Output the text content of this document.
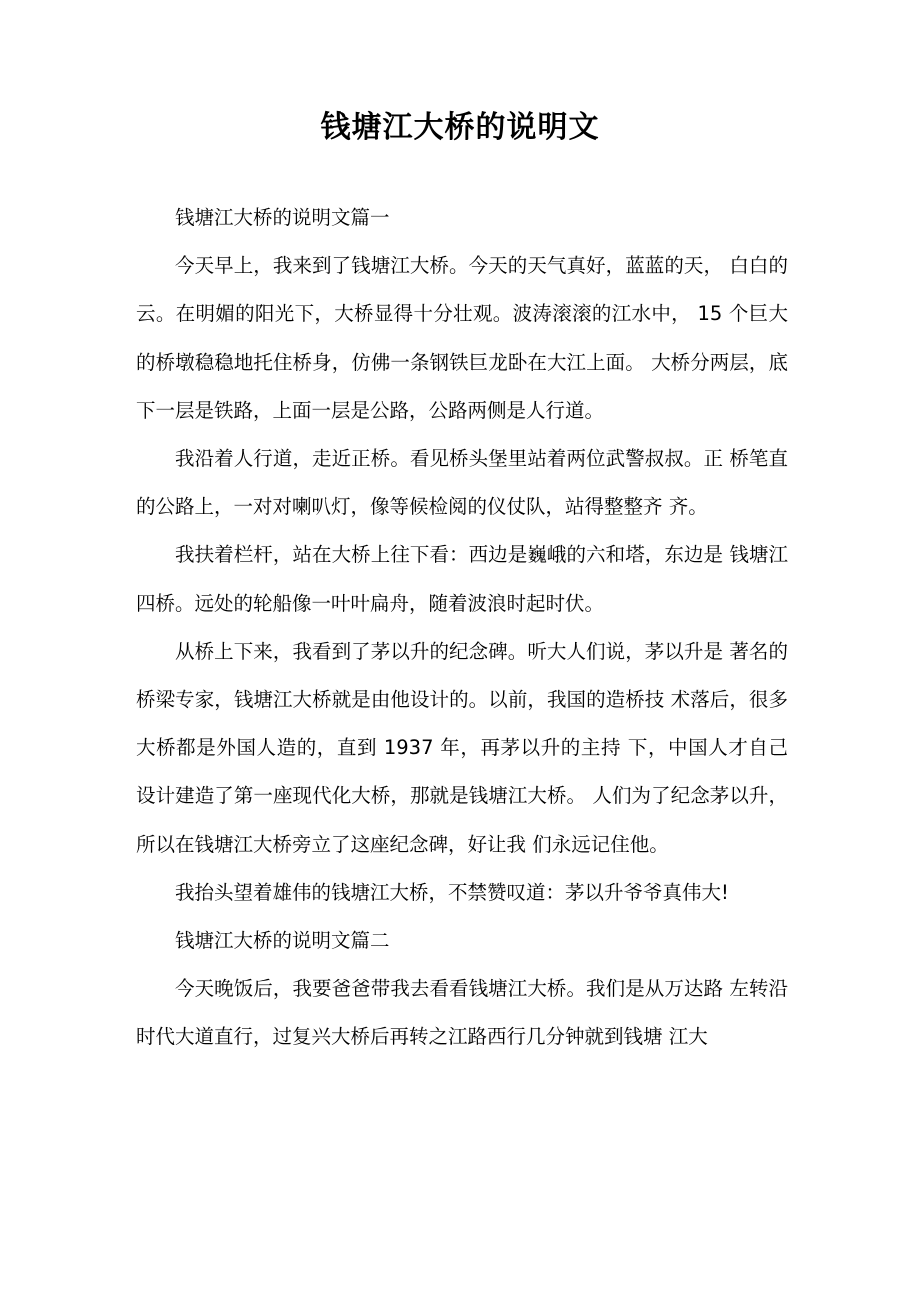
钱塘江大桥的说明文

钱塘江大桥的说明文篇一

今天早上，我来到了钱塘江大桥。今天的天气真好，蓝蓝的天， 白白的云。在明媚的阳光下，大桥显得十分壮观。波涛滚滚的江水中， 15 个巨大的桥墩稳稳地托住桥身，仿佛一条钢铁巨龙卧在大江上面。 大桥分两层，底下一层是铁路，上面一层是公路，公路两侧是人行道。

我沿着人行道，走近正桥。看见桥头堡里站着两位武警叔叔。正 桥笔直的公路上，一对对喇叭灯，像等候检阅的仪仗队，站得整整齐 齐。

我扶着栏杆，站在大桥上往下看：西边是巍峨的六和塔，东边是 钱塘江四桥。远处的轮船像一叶叶扁舟，随着波浪时起时伏。

从桥上下来，我看到了茅以升的纪念碑。听大人们说，茅以升是 著名的桥梁专家，钱塘江大桥就是由他设计的。以前，我国的造桥技 术落后，很多大桥都是外国人造的，直到 1937 年，再茅以升的主持 下，中国人才自己设计建造了第一座现代化大桥，那就是钱塘江大桥。 人们为了纪念茅以升，所以在钱塘江大桥旁立了这座纪念碑，好让我 们永远记住他。

我抬头望着雄伟的钱塘江大桥，不禁赞叹道：茅以升爷爷真伟大!

钱塘江大桥的说明文篇二

今天晚饭后，我要爸爸带我去看看钱塘江大桥。我们是从万达路 左转沿时代大道直行，过复兴大桥后再转之江路西行几分钟就到钱塘 江大
